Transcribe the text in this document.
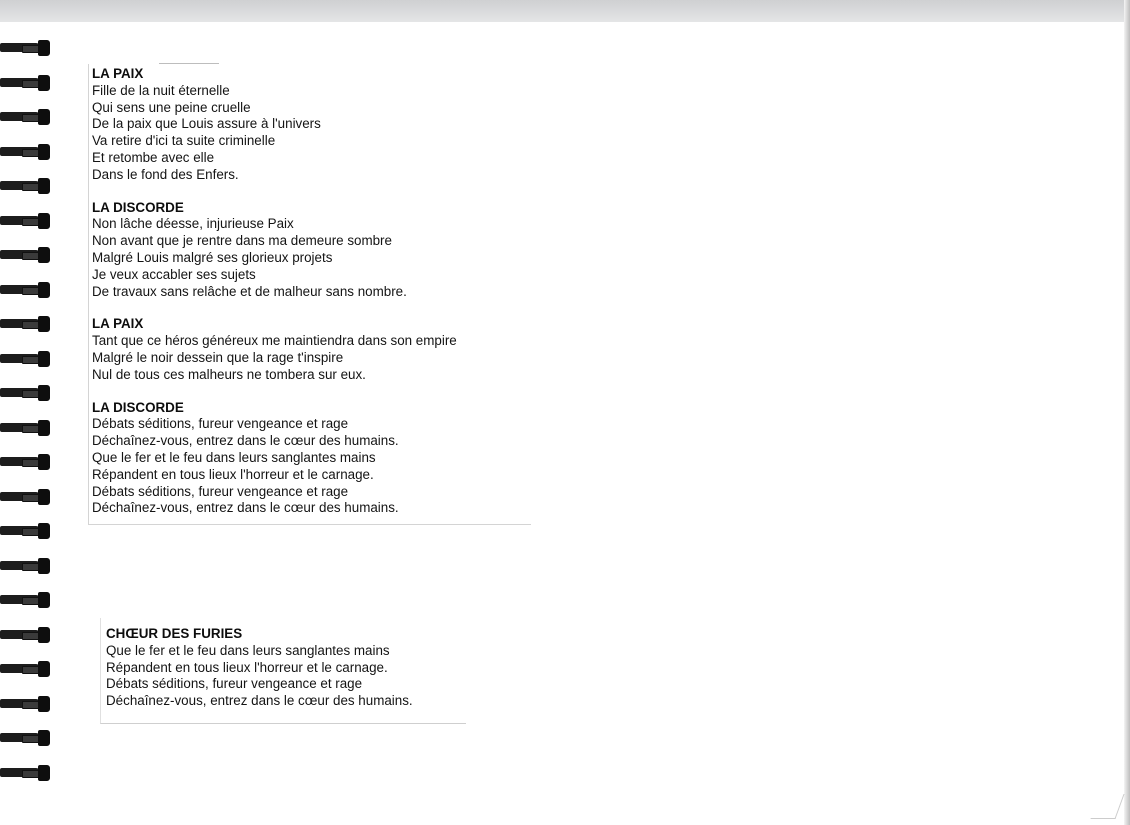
LA PAIX
Fille de la nuit éternelle
Qui sens une peine cruelle
De la paix que Louis assure à l'univers
Va retire d'ici ta suite criminelle
Et retombe avec elle
Dans le fond des Enfers.
LA DISCORDE
Non lâche déesse, injurieuse Paix
Non avant que je rentre dans ma demeure sombre
Malgré Louis malgré ses glorieux projets
Je veux accabler ses sujets
De travaux sans relâche et de malheur sans nombre.
LA PAIX
Tant que ce héros généreux me maintiendra dans son empire
Malgré le noir dessein que la rage t'inspire
Nul de tous ces malheurs ne tombera sur eux.
LA DISCORDE
Débats séditions, fureur vengeance et rage
Déchaînez-vous, entrez dans le cœur des humains.
Que le fer et le feu dans leurs sanglantes mains
Répandent en tous lieux l'horreur et le carnage.
Débats séditions, fureur vengeance et rage
Déchaînez-vous, entrez dans le cœur des humains.
CHŒUR DES FURIES
Que le fer et le feu dans leurs sanglantes mains
Répandent en tous lieux l'horreur et le carnage.
Débats séditions, fureur vengeance et rage
Déchaînez-vous, entrez dans le cœur des humains.
